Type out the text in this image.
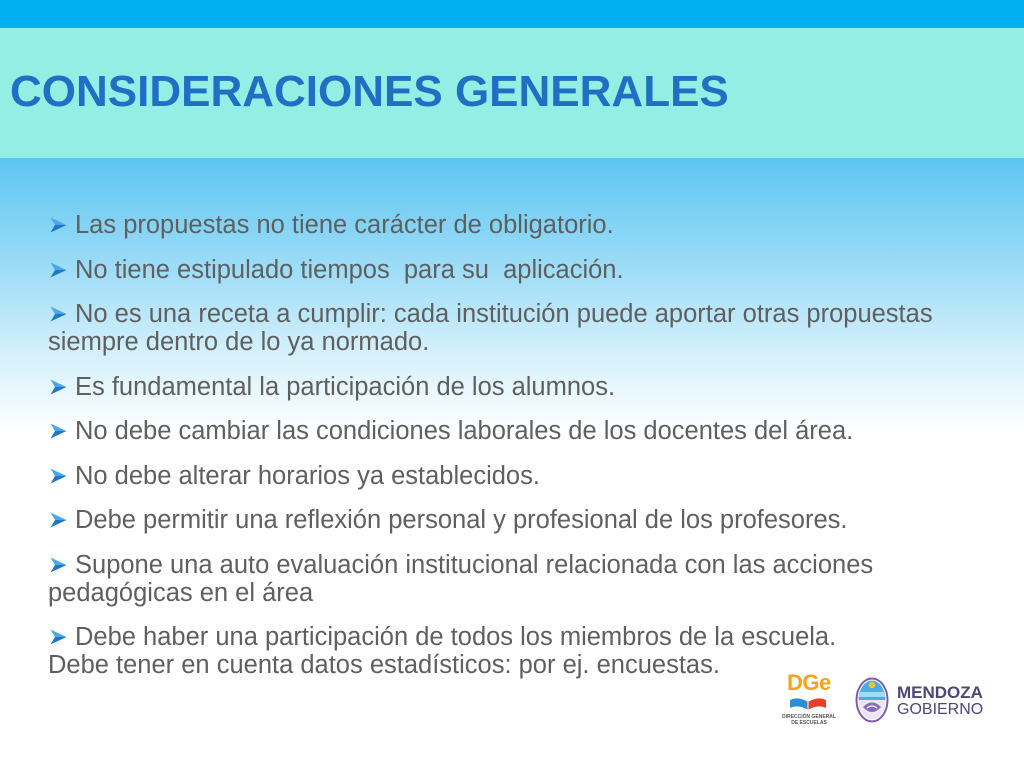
CONSIDERACIONES GENERALES
Las propuestas no tiene carácter de obligatorio.
No tiene estipulado tiempos  para su  aplicación.
No es una receta a cumplir: cada institución puede aportar otras propuestas
siempre dentro de lo ya normado.
Es fundamental la participación de los alumnos.
No debe cambiar las condiciones laborales de los docentes del área.
No debe alterar horarios ya establecidos.
Debe permitir una reflexión personal y profesional de los profesores.
Supone una auto evaluación institucional relacionada con las acciones
pedagógicas en el área
Debe haber una participación de todos los miembros de la escuela.
Debe tener en cuenta datos estadísticos: por ej. encuestas.
DGe
DIRECCIÓN GENERAL
DE ESCUELAS
MENDOZA
GOBIERNO
